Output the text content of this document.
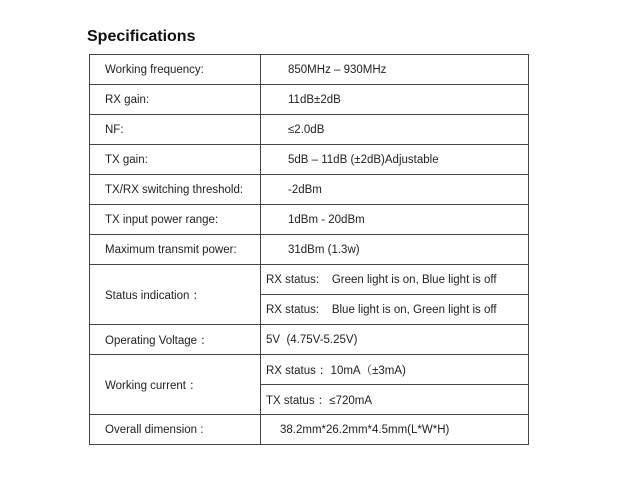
Specifications
Working frequency:	850MHz – 930MHz
RX gain:	11dB±2dB
NF:	≤2.0dB
TX gain:	5dB – 11dB (±2dB)Adjustable
TX/RX switching threshold:	-2dBm
TX input power range:	1dBm - 20dBm
Maximum transmit power:	31dBm (1.3w)
Status indication ：	RX status:    Green light is on, Blue light is off
	RX status:    Blue light is on, Green light is off
Operating Voltage ：	5V  (4.75V-5.25V)
Working current ：	RX status ：10mA（±3mA)
	TX status ：≤720mA
Overall dimension :	38.2mm*26.2mm*4.5mm(L*W*H)
